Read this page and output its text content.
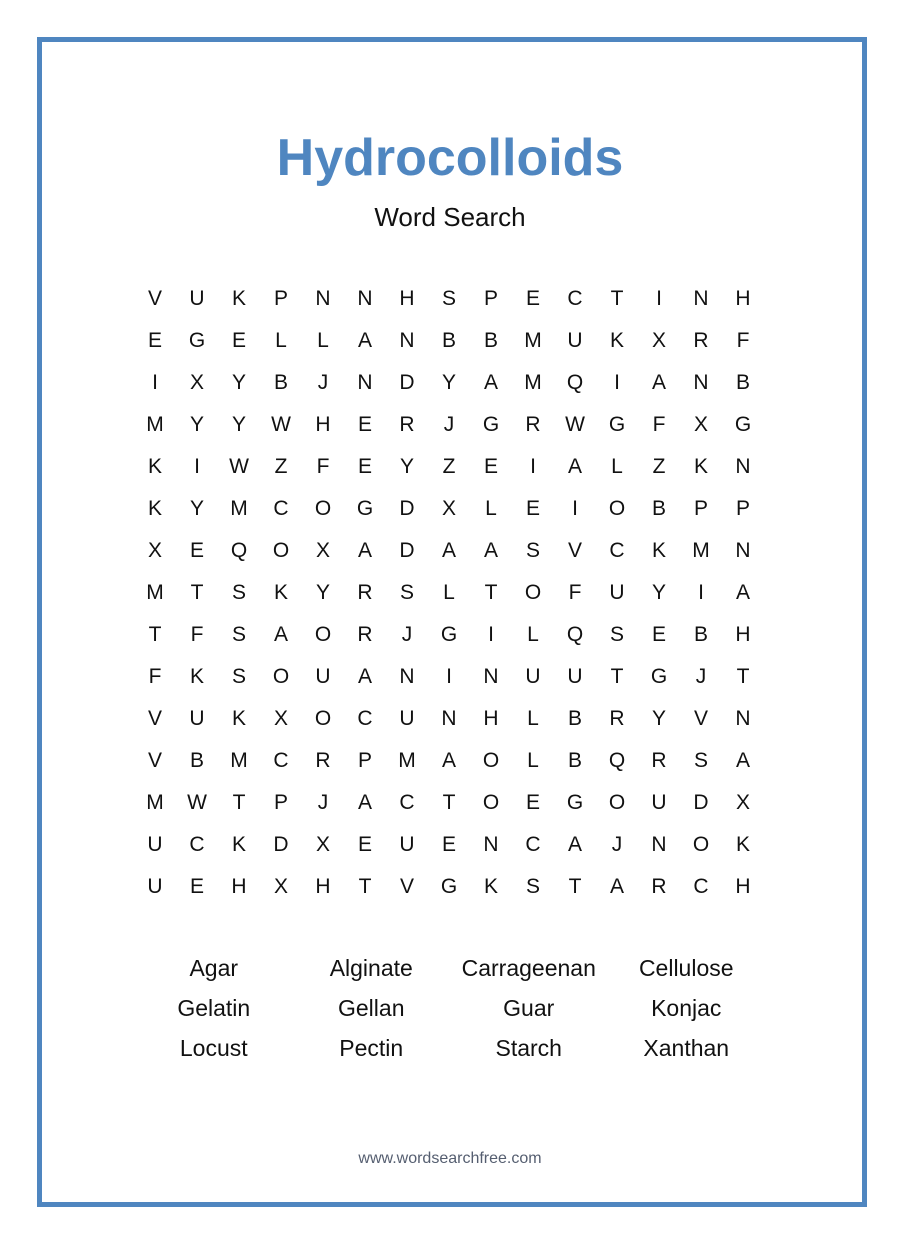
Hydrocolloids
Word Search
V	U	K	P	N	N	H	S	P	E	C	T	I	N	H
E	G	E	L	L	A	N	B	B	M	U	K	X	R	F
I	X	Y	B	J	N	D	Y	A	M	Q	I	A	N	B
M	Y	Y	W	H	E	R	J	G	R	W	G	F	X	G
K	I	W	Z	F	E	Y	Z	E	I	A	L	Z	K	N
K	Y	M	C	O	G	D	X	L	E	I	O	B	P	P
X	E	Q	O	X	A	D	A	A	S	V	C	K	M	N
M	T	S	K	Y	R	S	L	T	O	F	U	Y	I	A
T	F	S	A	O	R	J	G	I	L	Q	S	E	B	H
F	K	S	O	U	A	N	I	N	U	U	T	G	J	T
V	U	K	X	O	C	U	N	H	L	B	R	Y	V	N
V	B	M	C	R	P	M	A	O	L	B	Q	R	S	A
M	W	T	P	J	A	C	T	O	E	G	O	U	D	X
U	C	K	D	X	E	U	E	N	C	A	J	N	O	K
U	E	H	X	H	T	V	G	K	S	T	A	R	C	H
Agar	Alginate	Carrageenan	Cellulose
Gelatin	Gellan	Guar	Konjac
Locust	Pectin	Starch	Xanthan
www.wordsearchfree.com
